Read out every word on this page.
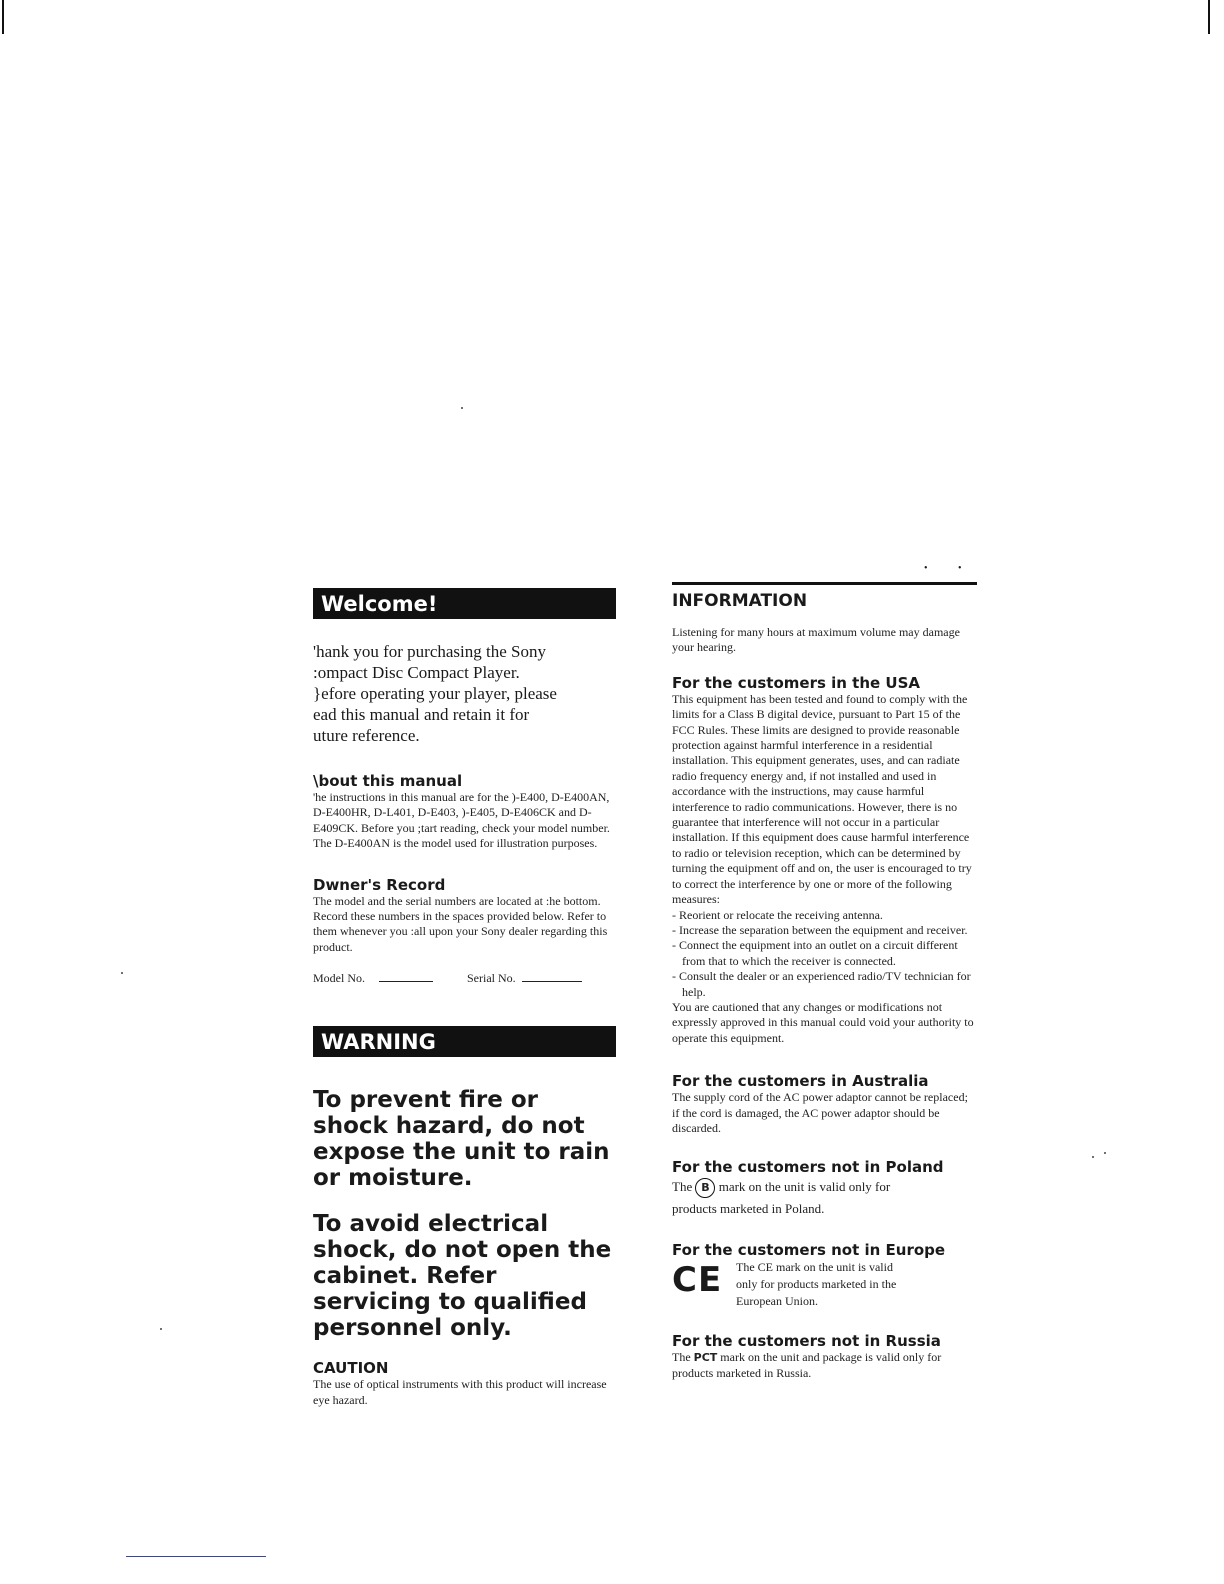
Welcome!

'hank you for purchasing the Sony

:ompact Disc Compact Player.

}efore operating your player, please

ead this manual and retain it for

uture reference.

\bout this manual

'he instructions in this manual are for the )-E400, D-E400AN, D-E400HR, D-L401, D-E403, )-E405, D-E406CK and D-E409CK. Before you ;tart reading, check your model number. The D-E400AN is the model used for illustration purposes.

Dwner's Record

The model and the serial numbers are located at :he bottom. Record these numbers in the spaces provided below. Refer to them whenever you :all upon your Sony dealer regarding this product.

Model No.	Serial No.
WARNING

To prevent fire or shock hazard, do not expose the unit to rain or moisture.

To avoid electrical shock, do not open the cabinet. Refer servicing to qualified personnel only.

CAUTION

The use of optical instruments with this product will increase eye hazard.

• •

INFORMATION

Listening for many hours at maximum volume may damage your hearing.

For the customers in the USA

This equipment has been tested and found to comply with the limits for a Class B digital device, pursuant to Part 15 of the FCC Rules. These limits are designed to provide reasonable protection against harmful interference in a residential installation. This equipment generates, uses, and can radiate radio frequency energy and, if not installed and used in accordance with the instructions, may cause harmful interference to radio communications. However, there is no guarantee that interference will not occur in a particular installation. If this equipment does cause harmful interference to radio or television reception, which can be determined by turning the equipment off and on, the user is encouraged to try to correct the interference by one or more of the following measures:

- Reorient or relocate the receiving antenna.
- Increase the separation between the equipment and receiver.
- Connect the equipment into an outlet on a circuit different from that to which the receiver is connected.
- Consult the dealer or an experienced radio/TV technician for help.

You are cautioned that any changes or modifications not expressly approved in this manual could void your authority to operate this equipment.

For the customers in Australia

The supply cord of the AC power adaptor cannot be replaced; if the cord is damaged, the AC power adaptor should be discarded.

For the customers not in Poland

The B mark on the unit is valid only for

products marketed in Poland.

For the customers not in Europe

CE	The CE mark on the unit is valid only for products marketed in the European Union.

For the customers not in Russia

The PCT mark on the unit and package is valid only for products marketed in Russia.
